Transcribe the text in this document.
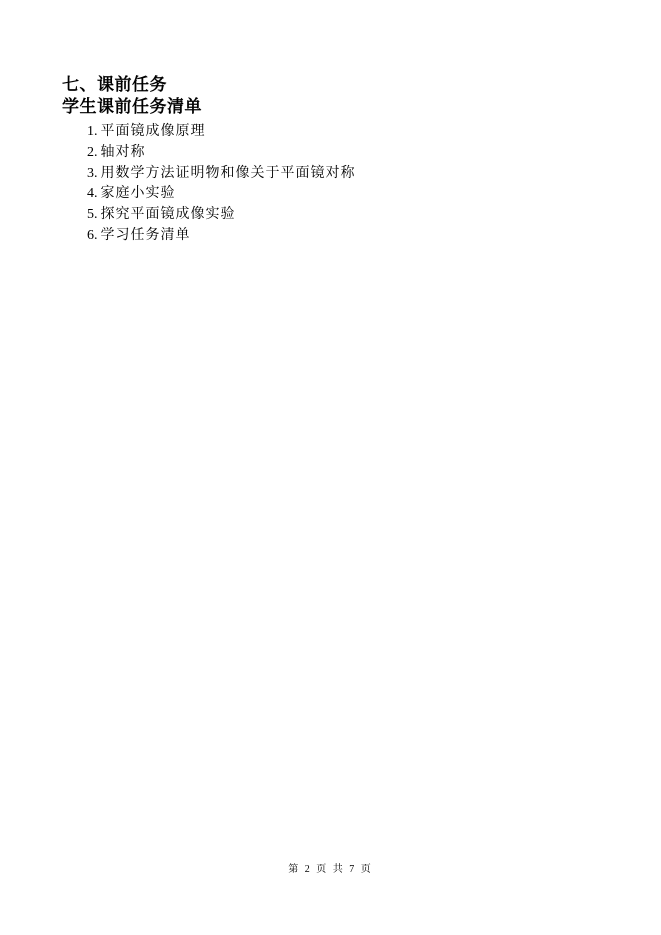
七、课前任务

学生课前任务清单

1. 平面镜成像原理
2. 轴对称
3. 用数学方法证明物和像关于平面镜对称
4. 家庭小实验
5. 探究平面镜成像实验
6. 学习任务清单
第 2 页 共 7 页
